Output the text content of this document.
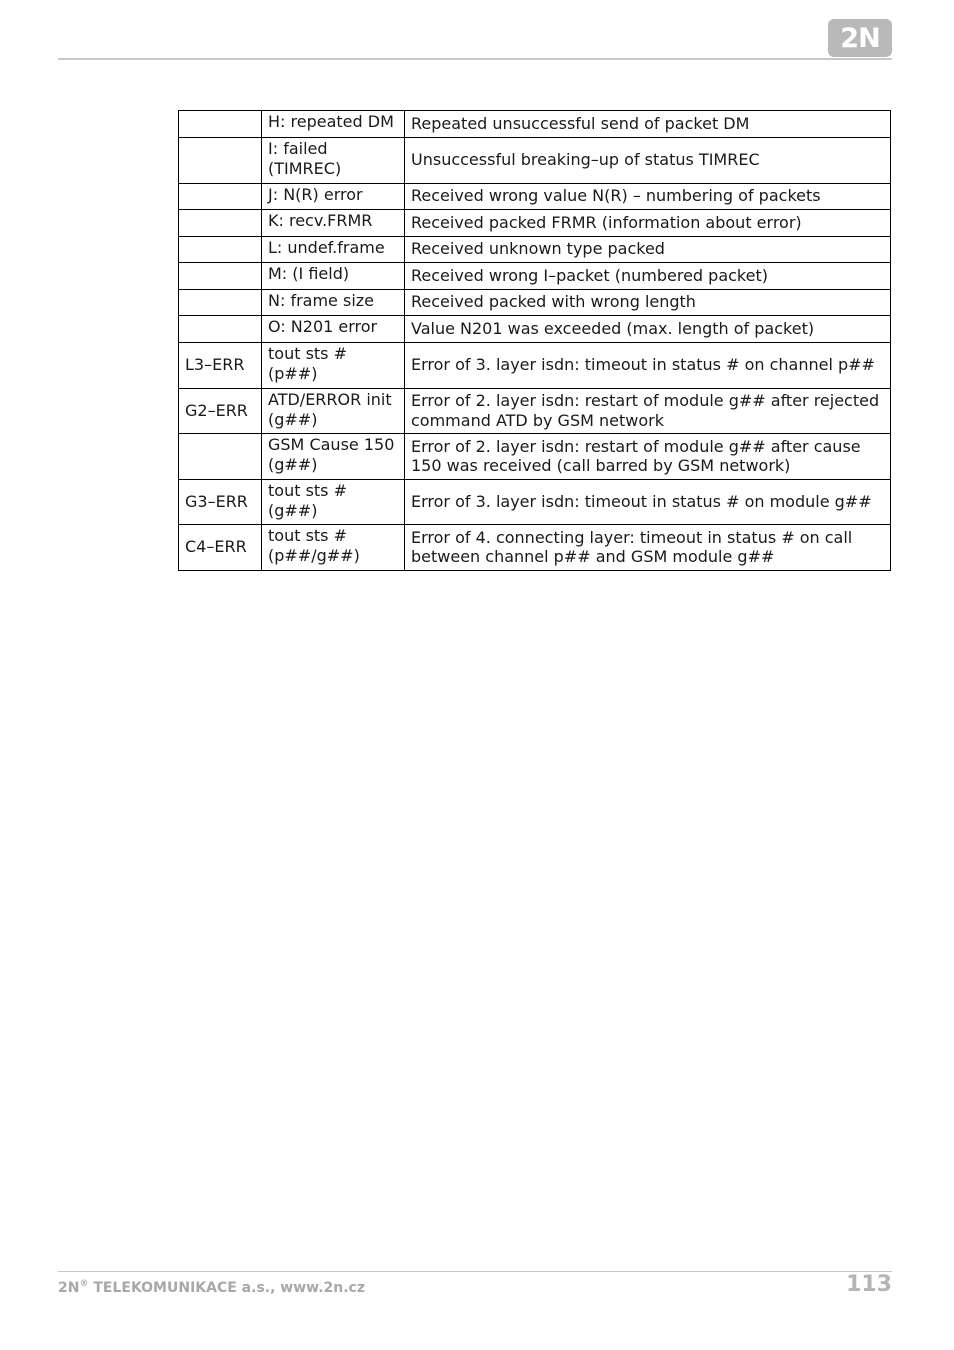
2N
	H: repeated DM	Repeated unsuccessful send of packet DM
	I: failed (TIMREC)	Unsuccessful breaking–up of status TIMREC
	J: N(R) error	Received wrong value N(R) – numbering of packets
	K: recv.FRMR	Received packed FRMR (information about error)
	L: undef.frame	Received unknown type packed
	M: (I field)	Received wrong I–packet (numbered packet)
	N: frame size	Received packed with wrong length
	O: N201 error	Value N201 was exceeded (max. length of packet)
L3–ERR	tout sts # (p##)	Error of 3. layer isdn: timeout in status # on channel p##
G2–ERR	ATD/ERROR init (g##)	Error of 2. layer isdn: restart of module g## after rejected command ATD by GSM network
	GSM Cause 150 (g##)	Error of 2. layer isdn: restart of module g## after cause 150 was received (call barred by GSM network)
G3–ERR	tout sts # (g##)	Error of 3. layer isdn: timeout in status # on module g##
C4–ERR	tout sts # (p##/g##)	Error of 4. connecting layer: timeout in status # on call between channel p## and GSM module g##
2N® TELEKOMUNIKACE a.s., www.2n.cz	113
